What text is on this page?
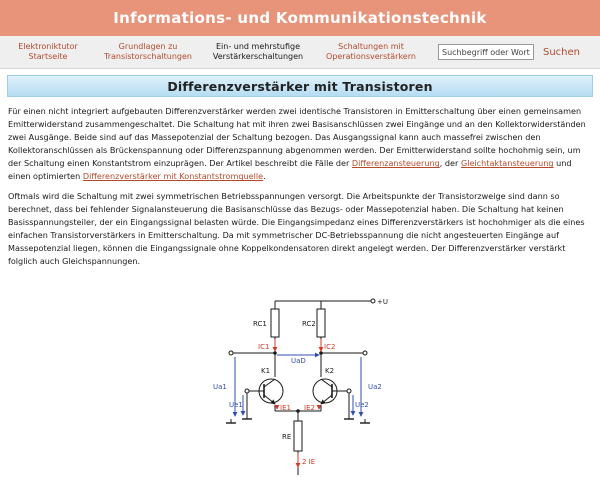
Informations- und Kommunikationstechnik
Elektroniktutor
Startseite
Grundlagen zu
Transistorschaltungen
Ein- und mehrstufige
Verstärkerschaltungen
Schaltungen mit
Operationsverstärkern
Suchbegriff oder Wortteil	Suchen
Differenzverstärker mit Transistoren

Für einen nicht integriert aufgebauten Differenzverstärker werden zwei identische Transistoren in Emitterschaltung über einen gemeinsamen Emitterwiderstand zusammengeschaltet. Die Schaltung hat mit ihren zwei Basisanschlüssen zwei Eingänge und an den Kollektorwiderständen zwei Ausgänge. Beide sind auf das Massepotenzial der Schaltung bezogen. Das Ausgangssignal kann auch massefrei zwischen den Kollektoranschlüssen als Brückenspannung oder Differenzspannung abgenommen werden. Der Emitterwiderstand sollte hochohmig sein, um der Schaltung einen Konstantstrom einzuprägen. Der Artikel beschreibt die Fälle der Differenzansteuerung, der Gleichtaktansteuerung und einen optimierten Differenzverstärker mit Konstantstromquelle.

Oftmals wird die Schaltung mit zwei symmetrischen Betriebsspannungen versorgt. Die Arbeitspunkte der Transistorzweige sind dann so berechnet, dass bei fehlender Signalansteuerung die Basisanschlüsse das Bezugs- oder Massepotenzial haben. Die Schaltung hat keinen Basisspannungsteiler, der ein Eingangssignal belasten würde. Die Eingangsimpedanz eines Differenzverstärkers ist hochohmiger als die eines einfachen Transistorverstärkers in Emitterschaltung. Da mit symmetrischer DC-Betriebsspannung die nicht angesteuerten Eingänge auf Massepotenzial liegen, können die Eingangssignale ohne Koppelkondensatoren direkt angelegt werden. Der Differenzverstärker verstärkt folglich auch Gleichspannungen.

+U
RC1	RC2
IC1	IC2
UaD
K1	K2
Ua1	Ua2
Ue1	Ue2
IE1 IE2
RE
2 IE
